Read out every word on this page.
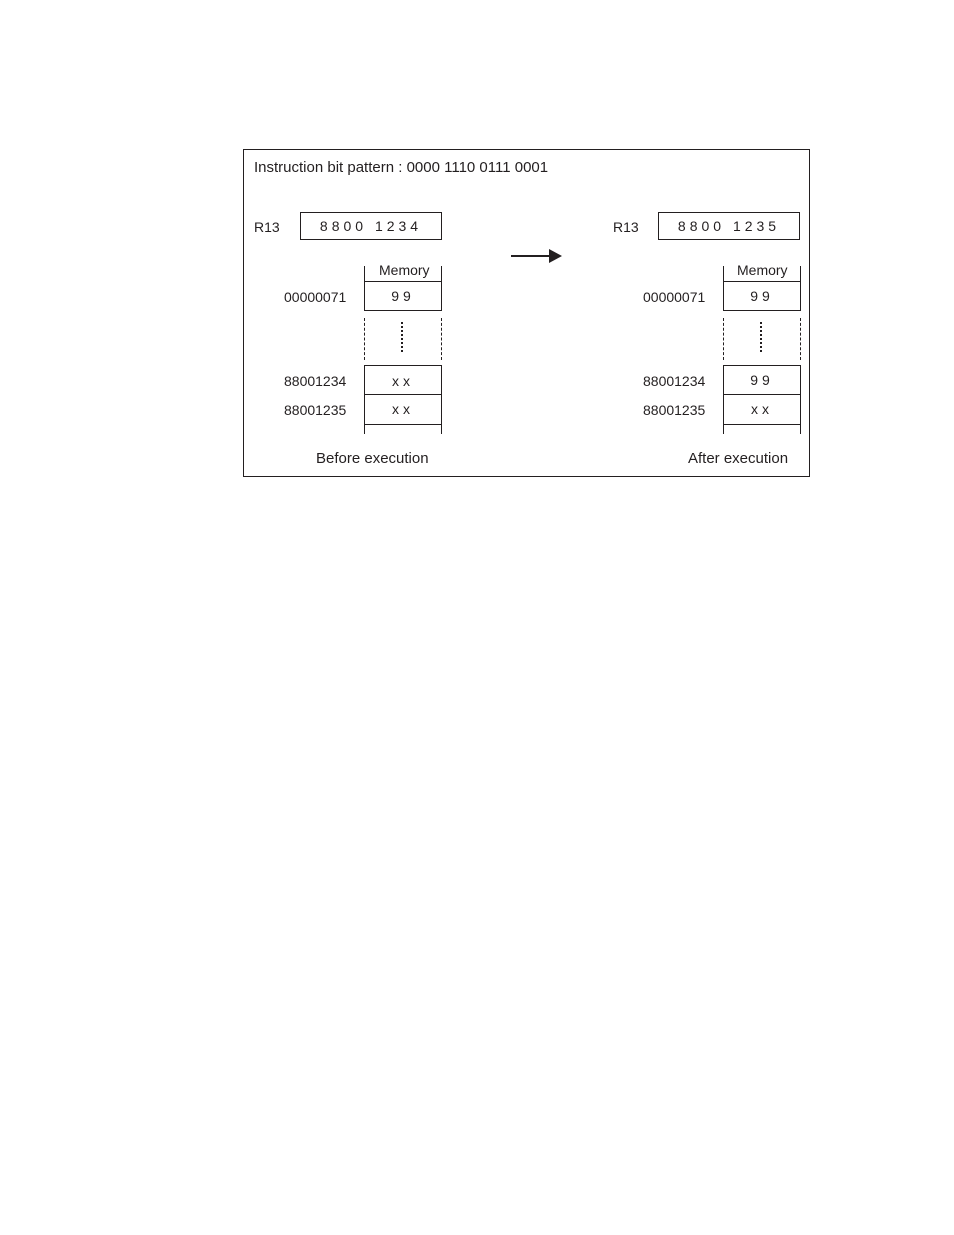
Instruction bit pattern : 0000 1110 0111 0001
R13	8800 1234
Memory
00000071	99
88001234	xx
88001235	xx
Before execution
R13	8800 1235
Memory
00000071	99
88001234	99
88001235	xx
After execution
